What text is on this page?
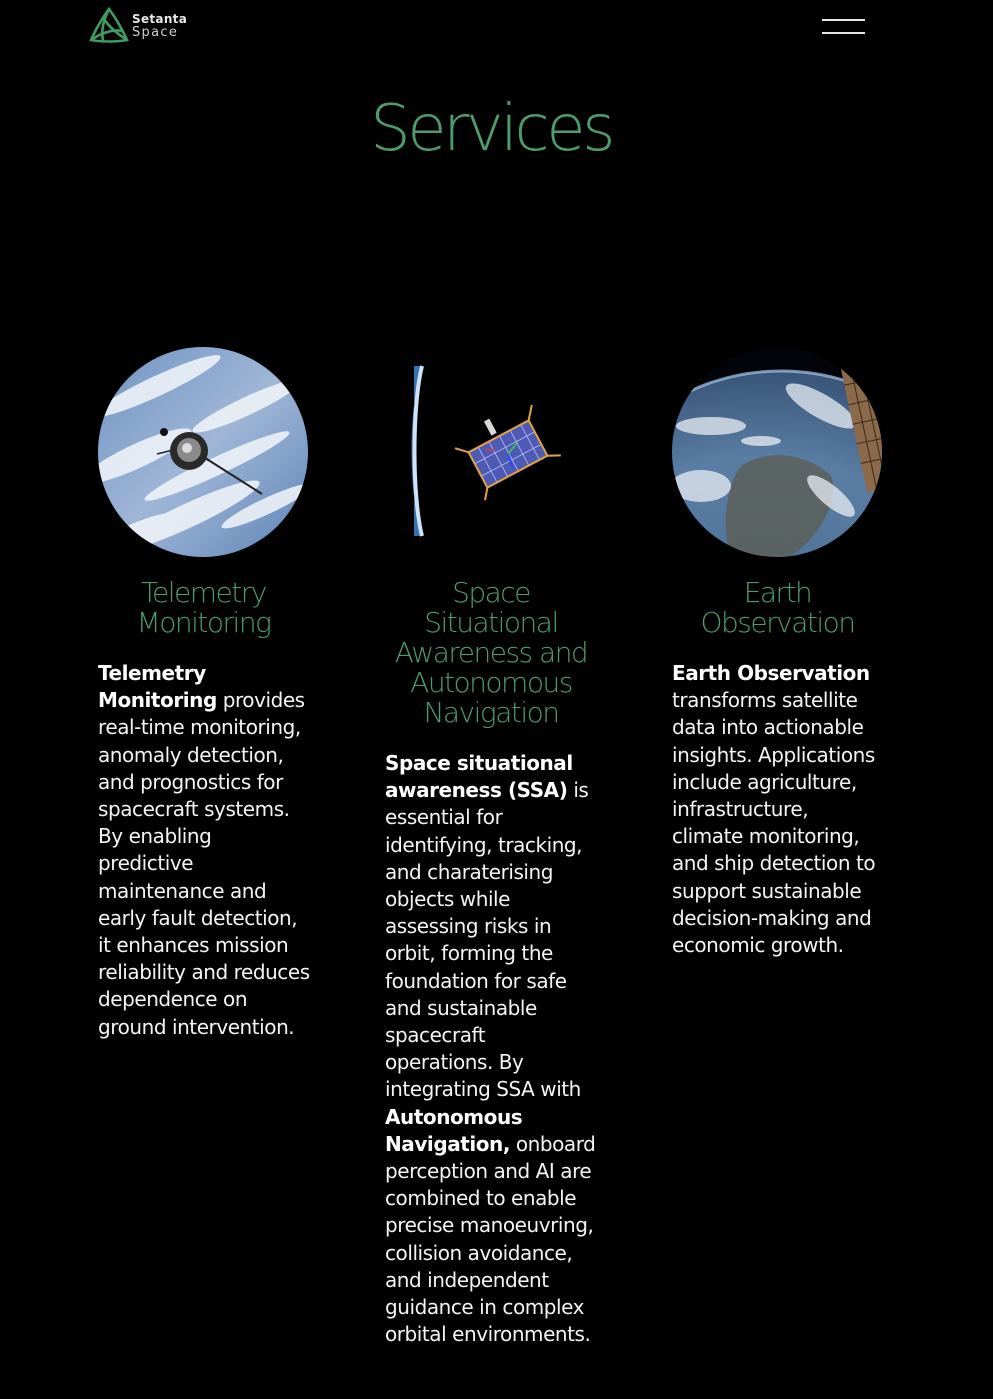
Setanta
Space
Services
Telemetry Monitoring

Telemetry Monitoring provides real-time monitoring, anomaly detection, and prognostics for spacecraft systems. By enabling predictive maintenance and early fault detection, it enhances mission reliability and reduces dependence on ground intervention.

Space Situational Awareness and Autonomous Navigation

Space situational awareness (SSA) is essential for identifying, tracking, and charaterising objects while assessing risks in orbit, forming the foundation for safe and sustainable spacecraft operations. By integrating SSA with Autonomous Navigation, onboard perception and AI are combined to enable precise manoeuvring, collision avoidance, and independent guidance in complex orbital environments.

Earth Observation

Earth Observation transforms satellite data into actionable insights. Applications include agriculture, infrastructure, climate monitoring, and ship detection to support sustainable decision-making and economic growth.
